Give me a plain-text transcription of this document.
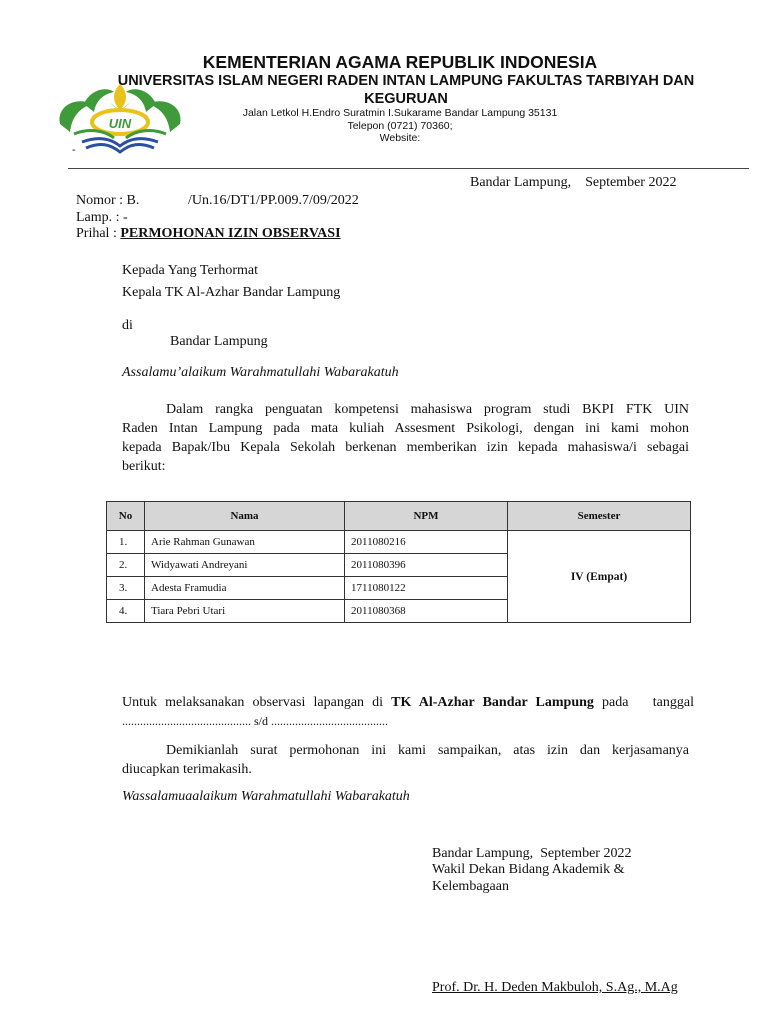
UIN
-
KEMENTERIAN AGAMA REPUBLIK INDONESIA
UNIVERSITAS ISLAM NEGERI RADEN INTAN LAMPUNG FAKULTAS TARBIYAH DAN KEGURUAN
Jalan Letkol H.Endro Suratmin I.Sukarame Bandar Lampung 35131
Telepon (0721) 70360;
Website:
Bandar Lampung,    September 2022
Nomor : B.	/Un.16/DT1/PP.009.7/09/2022
Lamp. : -
Prihal : PERMOHONAN IZIN OBSERVASI
Kepada Yang Terhormat
Kepala TK Al-Azhar Bandar Lampung
di
Bandar Lampung
Assalamu’alaikum Warahmatullahi Wabarakatuh
Dalam rangka penguatan kompetensi mahasiswa program studi BKPI FTK UIN
Raden Intan Lampung pada mata kuliah Assesment Psikologi, dengan ini kami mohon
kepada Bapak/Ibu Kepala Sekolah berkenan memberikan izin kepada mahasiswa/i sebagai
berikut:
No	Nama	NPM	Semester
1.	Arie Rahman Gunawan	2011080216	IV (Empat)
2.	Widyawati Andreyani	2011080396	
3.	Adesta Framudia	1711080122	
4.	Tiara Pebri Utari	2011080368	
Untuk melaksanakan observasi lapangan di TK Al-Azhar Bandar Lampung pada   tanggal
........................................... s/d .......................................
Demikianlah surat permohonan ini kami sampaikan, atas izin dan kerjasamanya
diucapkan terimakasih.
Wassalamuaalaikum Warahmatullahi Wabarakatuh
Bandar Lampung,  September 2022
Wakil Dekan Bidang Akademik &
Kelembagaan
Prof. Dr. H. Deden Makbuloh, S.Ag., M.Ag
